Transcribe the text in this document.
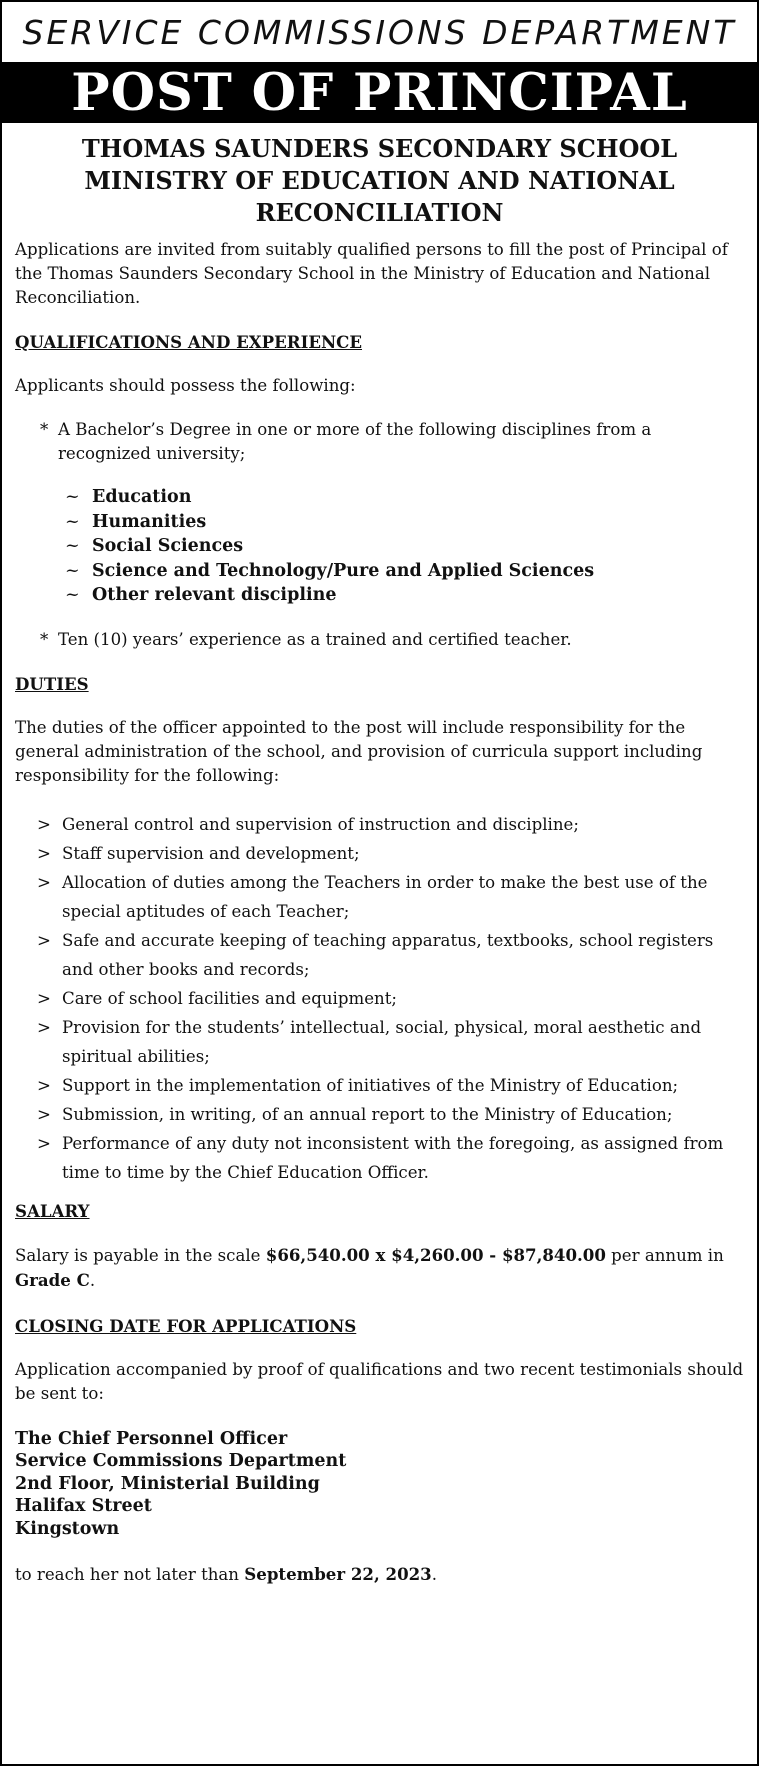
SERVICE COMMISSIONS DEPARTMENT
POST OF PRINCIPAL
THOMAS SAUNDERS SECONDARY SCHOOL
MINISTRY OF EDUCATION AND NATIONAL
RECONCILIATION

Applications are invited from suitably qualified persons to fill the post of Principal of the Thomas Saunders Secondary School in the Ministry of Education and National Reconciliation.

QUALIFICATIONS AND EXPERIENCE

Applicants should possess the following:

* A Bachelor’s Degree in one or more of the following disciplines from a recognized university;
~ Education
~ Humanities
~ Social Sciences
~ Science and Technology/Pure and Applied Sciences
~ Other relevant discipline
* Ten (10) years’ experience as a trained and certified teacher.

DUTIES

The duties of the officer appointed to the post will include responsibility for the general administration of the school, and provision of curricula support including responsibility for the following:

> General control and supervision of instruction and discipline;
> Staff supervision and development;
> Allocation of duties among the Teachers in order to make the best use of the special aptitudes of each Teacher;
> Safe and accurate keeping of teaching apparatus, textbooks, school registers and other books and records;
> Care of school facilities and equipment;
> Provision for the students’ intellectual, social, physical, moral aesthetic and spiritual abilities;
> Support in the implementation of initiatives of the Ministry of Education;
> Submission, in writing, of an annual report to the Ministry of Education;
> Performance of any duty not inconsistent with the foregoing, as assigned from time to time by the Chief Education Officer.

SALARY

Salary is payable in the scale $66,540.00 x $4,260.00 - $87,840.00 per annum in Grade C.

CLOSING DATE FOR APPLICATIONS

Application accompanied by proof of qualifications and two recent testimonials should be sent to:

The Chief Personnel Officer
Service Commissions Department
2nd Floor, Ministerial Building
Halifax Street
Kingstown

to reach her not later than September 22, 2023.
